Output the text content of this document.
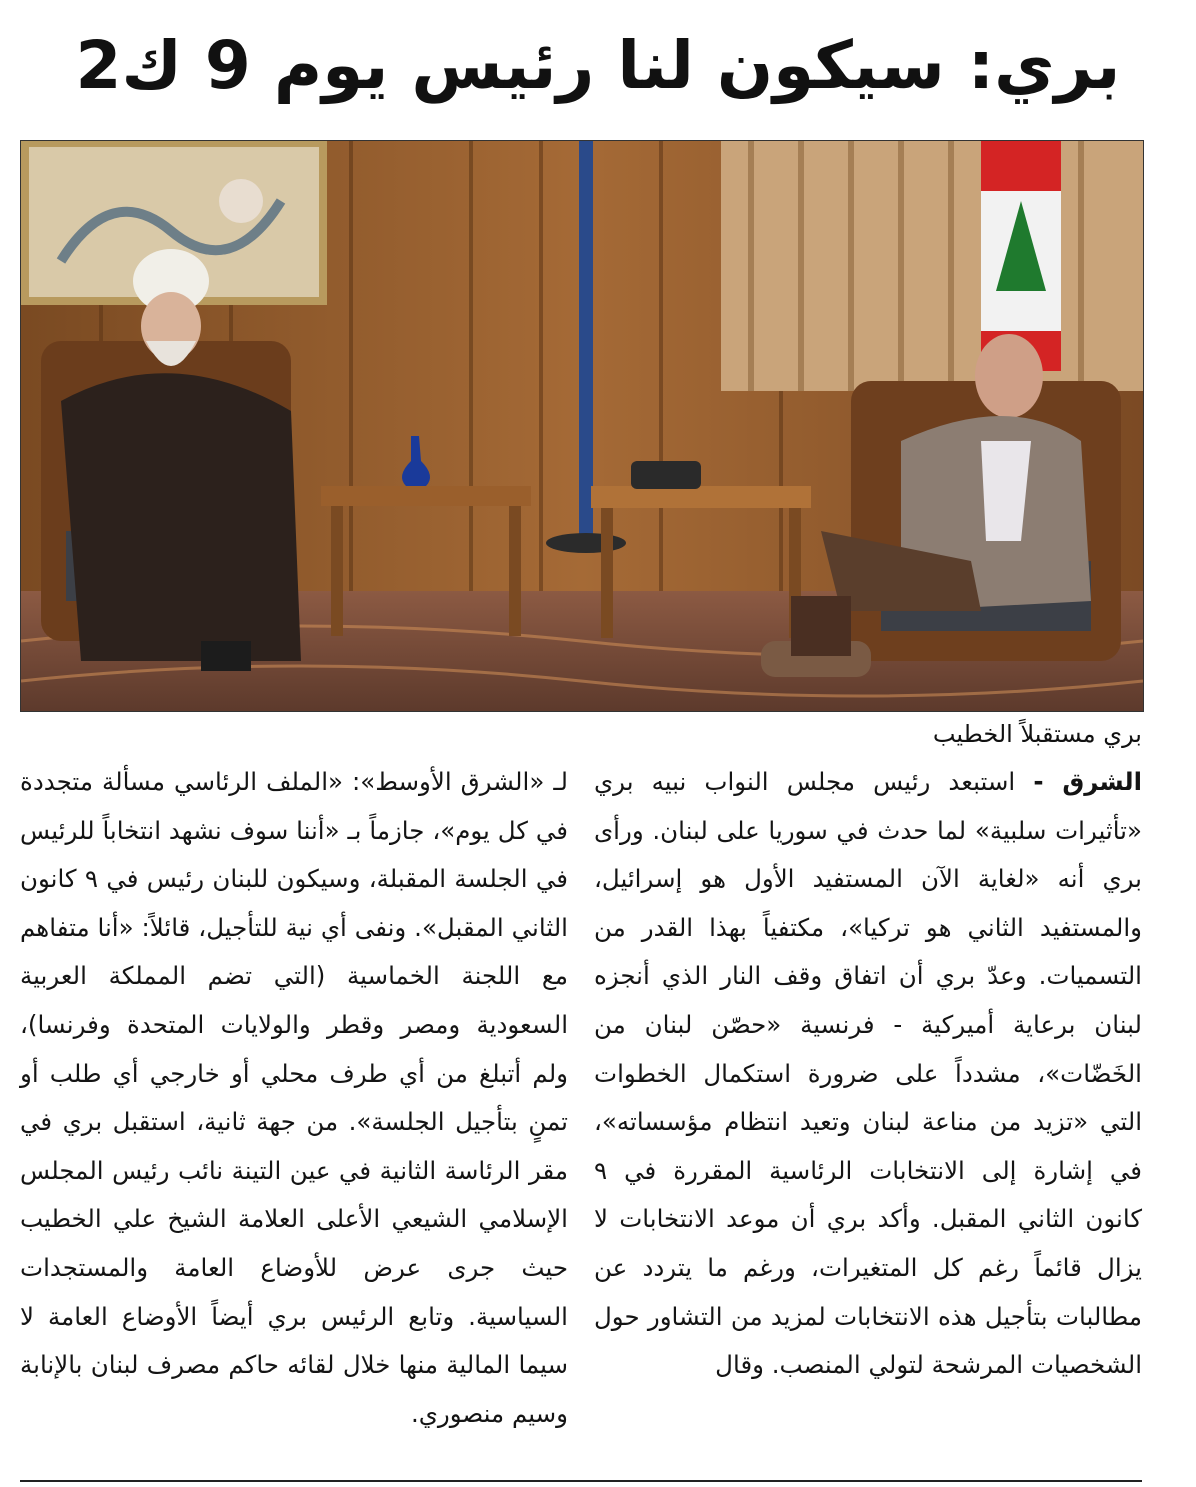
بري: سيكون لنا رئيس يوم 9 ك2
بري مستقبلاً الخطيب

الشرق - استبعد رئيس مجلس النواب نبيه بري «تأثيرات سلبية» لما حدث في سوريا على لبنان. ورأى بري أنه «لغاية الآن المستفيد الأول هو إسرائيل، والمستفيد الثاني هو تركيا»، مكتفياً بهذا القدر من التسميات. وعدّ بري أن اتفاق وقف النار الذي أنجزه لبنان برعاية أميركية - فرنسية «حصّن لبنان من الخَضّات»، مشدداً على ضرورة استكمال الخطوات التي «تزيد من مناعة لبنان وتعيد انتظام مؤسساته»، في إشارة إلى الانتخابات الرئاسية المقررة في ٩ كانون الثاني المقبل. وأكد بري أن موعد الانتخابات لا يزال قائماً رغم كل المتغيرات، ورغم ما يتردد عن مطالبات بتأجيل هذه الانتخابات لمزيد من التشاور حول الشخصيات المرشحة لتولي المنصب. وقال

لـ «الشرق الأوسط»: «الملف الرئاسي مسألة متجددة في كل يوم»، جازماً بـ «أننا سوف نشهد انتخاباً للرئيس في الجلسة المقبلة، وسيكون للبنان رئيس في ٩ كانون الثاني المقبل». ونفى أي نية للتأجيل، قائلاً: «أنا متفاهم مع اللجنة الخماسية (التي تضم المملكة العربية السعودية ومصر وقطر والولايات المتحدة وفرنسا)، ولم أتبلغ من أي طرف محلي أو خارجي أي طلب أو تمنٍ بتأجيل الجلسة». من جهة ثانية، استقبل بري في مقر الرئاسة الثانية في عين التينة نائب رئيس المجلس الإسلامي الشيعي الأعلى العلامة الشيخ علي الخطيب حيث جرى عرض للأوضاع العامة والمستجدات السياسية. وتابع الرئيس بري أيضاً الأوضاع العامة لا سيما المالية منها خلال لقائه حاكم مصرف لبنان بالإنابة وسيم منصوري.
